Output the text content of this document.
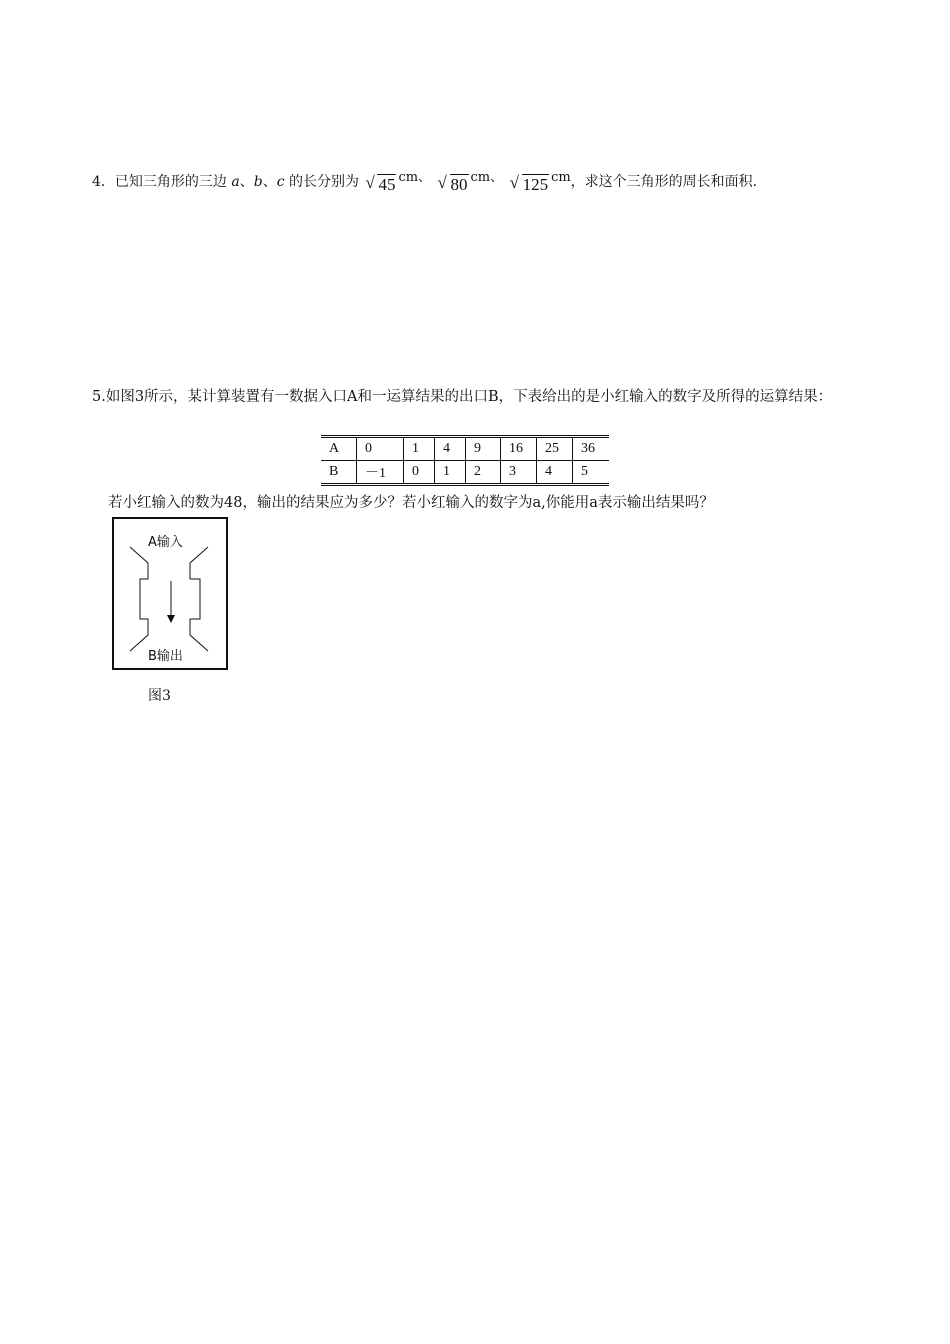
4．已知三角形的三边 a、b、c 的长分别为 √ 45 cm、 √ 80 cm、 √ 125 cm，求这个三角形的周长和面积.
5.如图3所示，某计算装置有一数据入口A和一运算结果的出口B，下表给出的是小红输入的数字及所得的运算结果：
A	0	1	4	9	16	25	36
B	－1	0	1	2	3	4	5
若小红输入的数为48，输出的结果应为多少？若小红输入的数字为a,你能用a表示输出结果吗？
A输入
B输出
图3
